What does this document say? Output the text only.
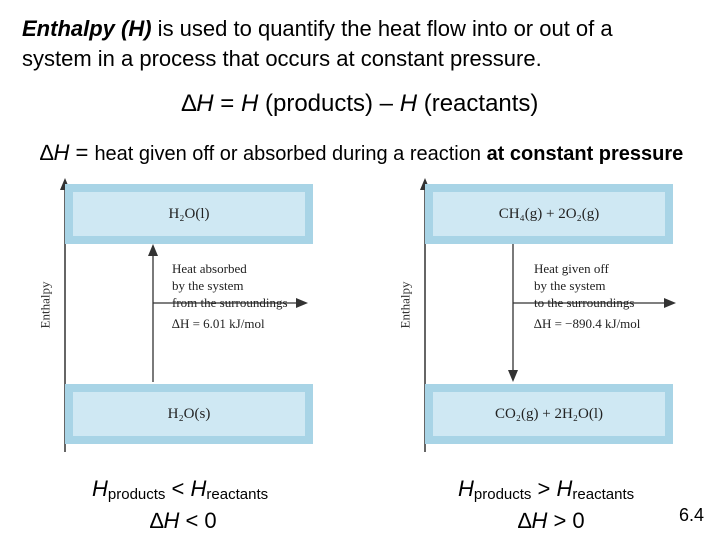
Enthalpy (H) is used to quantify the heat flow into or out of a
system in a process that occurs at constant pressure.
∆H = H (products) – H (reactants)
∆H = heat given off or absorbed during a reaction at constant pressure
Enthalpy
H₂O(l)
H₂O(s)
Heat absorbed
by the system
from the surroundings
∆H = 6.01 kJ/mol	Enthalpy
CH₄(g) + 2O₂(g)
CO₂(g) + 2H₂O(l)
Heat given off
by the system
to the surroundings
∆H = −890.4 kJ/mol
$H_{products} < H_{reactants}$
∆H < 0
$H_{products} > H_{reactants}$
∆H > 0	6.4
